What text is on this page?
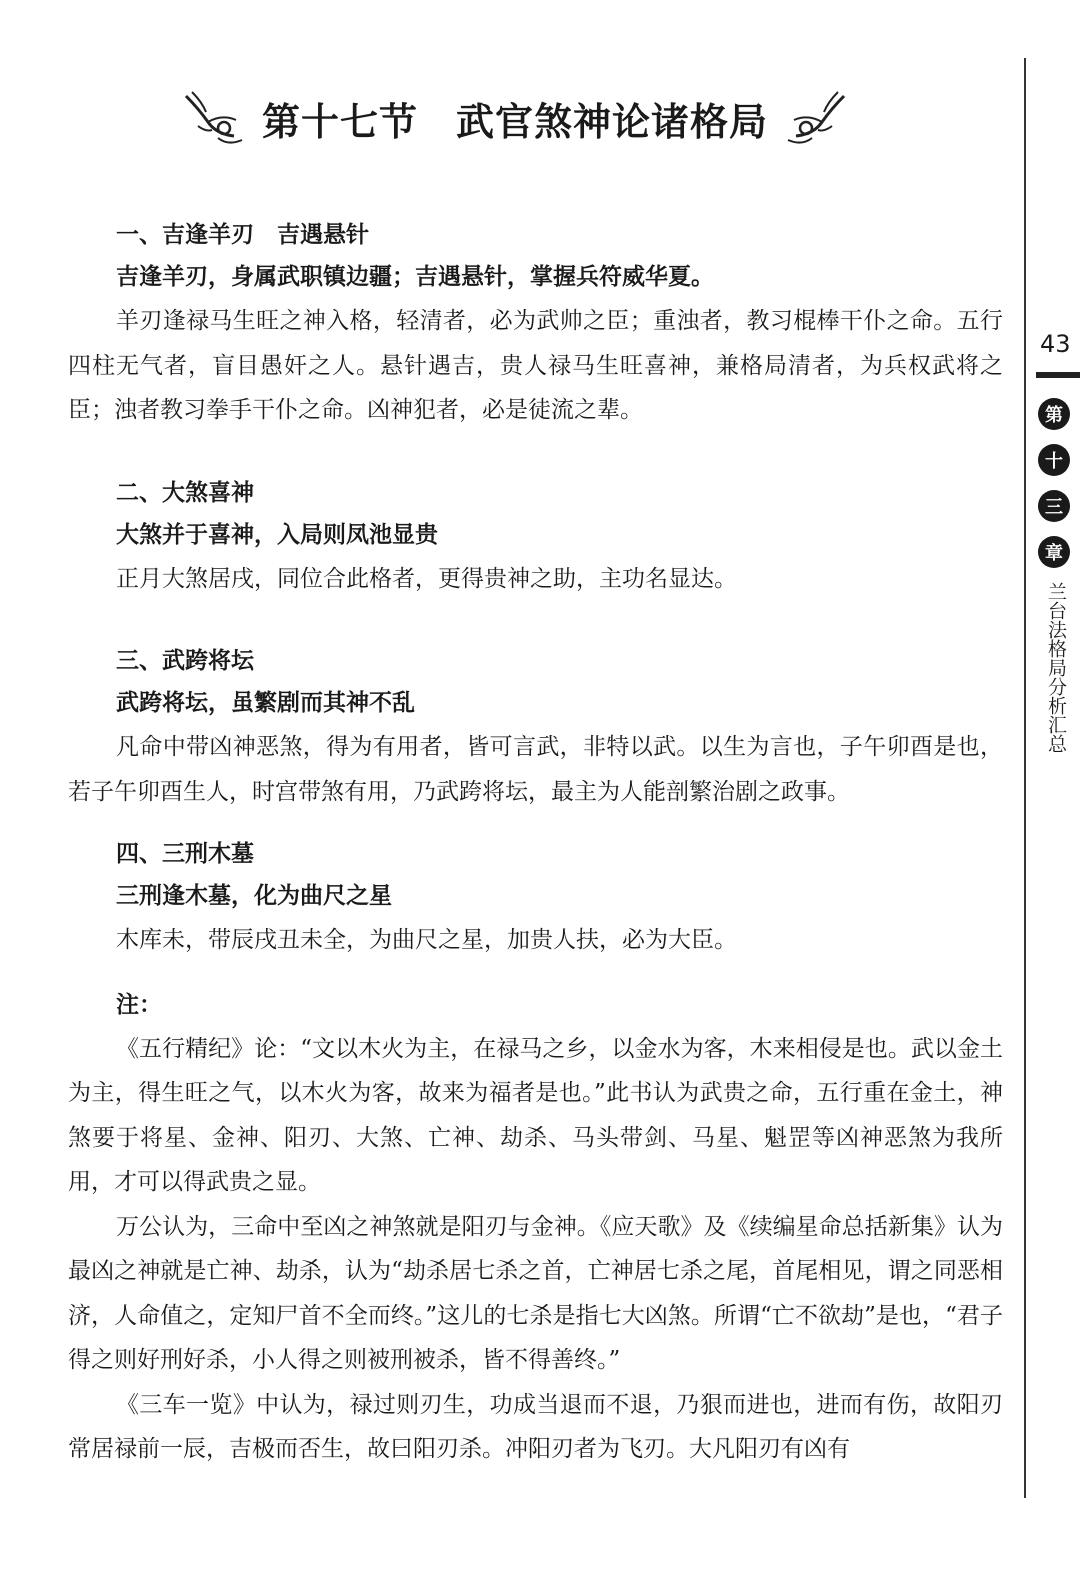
第十七节 武官煞神论诸格局
一、吉逢羊刃　吉遇悬针
吉逢羊刃，身属武职镇边疆；吉遇悬针，掌握兵符威华夏。

羊刃逢禄马生旺之神入格，轻清者，必为武帅之臣；重浊者，教习棍棒干仆之命。五行四柱无气者，盲目愚奸之人。悬针遇吉，贵人禄马生旺喜神，兼格局清者，为兵权武将之臣；浊者教习拳手干仆之命。凶神犯者，必是徒流之辈。

二、大煞喜神
大煞并于喜神，入局则凤池显贵

正月大煞居戌，同位合此格者，更得贵神之助，主功名显达。

三、武跨将坛
武跨将坛，虽繁剧而其神不乱

凡命中带凶神恶煞，得为有用者，皆可言武，非特以武。以生为言也，子午卯酉是也，若子午卯酉生人，时宫带煞有用，乃武跨将坛，最主为人能剖繁治剧之政事。

四、三刑木墓
三刑逢木墓，化为曲尺之星

木库未，带辰戌丑未全，为曲尺之星，加贵人扶，必为大臣。

注：

《五行精纪》论：“文以木火为主，在禄马之乡，以金水为客，木来相侵是也。武以金土为主，得生旺之气，以木火为客，故来为福者是也。”此书认为武贵之命，五行重在金土，神煞要于将星、金神、阳刃、大煞、亡神、劫杀、马头带剑、马星、魁罡等凶神恶煞为我所用，才可以得武贵之显。

万公认为，三命中至凶之神煞就是阳刃与金神。《应天歌》及《续编星命总括新集》认为最凶之神就是亡神、劫杀，认为“劫杀居七杀之首，亡神居七杀之尾，首尾相见，谓之同恶相济，人命值之，定知尸首不全而终。”这儿的七杀是指七大凶煞。所谓“亡不欲劫”是也，“君子得之则好刑好杀，小人得之则被刑被杀，皆不得善终。”

《三车一览》中认为，禄过则刃生，功成当退而不退，乃狠而进也，进而有伤，故阳刃常居禄前一辰，吉极而否生，故曰阳刃杀。冲阳刃者为飞刃。大凡阳刃有凶有

43
第
十
三
章
兰台法格局分析汇总
